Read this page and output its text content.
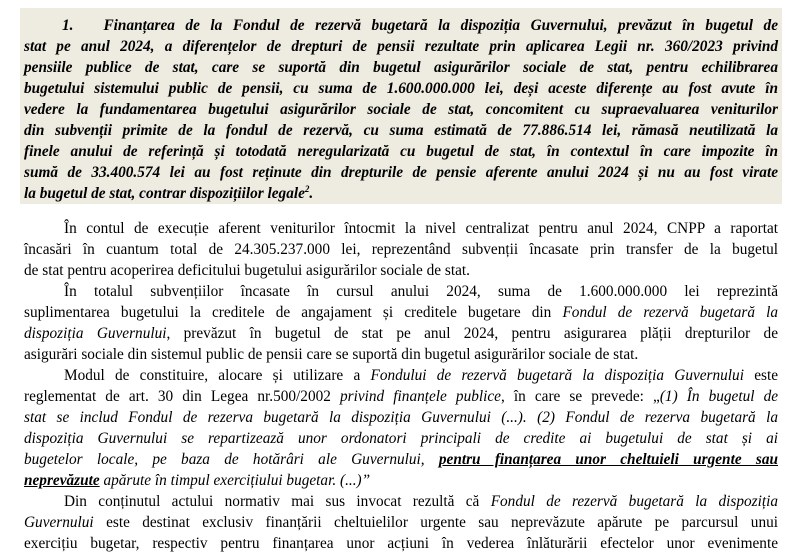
1. Finanțarea de la Fondul de rezervă bugetară la dispoziția Guvernului, prevăzut în bugetul de
stat pe anul 2024, a diferențelor de drepturi de pensii rezultate prin aplicarea Legii nr. 360/2023 privind
pensiile publice de stat, care se suportă din bugetul asigurărilor sociale de stat, pentru echilibrarea
bugetului sistemului public de pensii, cu suma de 1.600.000.000 lei, deși aceste diferențe au fost avute în
vedere la fundamentarea bugetului asigurărilor sociale de stat, concomitent cu supraevaluarea veniturilor
din subvenții primite de la fondul de rezervă, cu suma estimată de 77.886.514 lei, rămasă neutilizată la
finele anului de referință și totodată neregularizată cu bugetul de stat, în contextul în care impozite în
sumă de 33.400.574 lei au fost reținute din drepturile de pensie aferente anului 2024 și nu au fost virate
la bugetul de stat, contrar dispozițiilor legale$^2$.
În contul de execuție aferent veniturilor întocmit la nivel centralizat pentru anul 2024, CNPP a raportat
încasări în cuantum total de 24.305.237.000 lei, reprezentând subvenții încasate prin transfer de la bugetul
de stat pentru acoperirea deficitului bugetului asigurărilor sociale de stat.
În totalul subvențiilor încasate în cursul anului 2024, suma de 1.600.000.000 lei reprezintă
suplimentarea bugetului la creditele de angajament și creditele bugetare din Fondul de rezervă bugetară la
dispoziția Guvernului, prevăzut în bugetul de stat pe anul 2024, pentru asigurarea plății drepturilor de
asigurări sociale din sistemul public de pensii care se suportă din bugetul asigurărilor sociale de stat.
Modul de constituire, alocare și utilizare a Fondului de rezervă bugetară la dispoziția Guvernului este
reglementat de art. 30 din Legea nr.500/2002 privind finanțele publice, în care se prevede: „(1) În bugetul de
stat se includ Fondul de rezerva bugetară la dispoziția Guvernului (...). (2) Fondul de rezerva bugetară la
dispoziția Guvernului se repartizează unor ordonatori principali de credite ai bugetului de stat și ai
bugetelor locale, pe baza de hotărâri ale Guvernului, pentru finanțarea unor cheltuieli urgente sau
neprevăzute apărute în timpul exercițiului bugetar. (...)”
Din conținutul actului normativ mai sus invocat rezultă că Fondul de rezervă bugetară la dispoziția
Guvernului este destinat exclusiv finanțării cheltuielilor urgente sau neprevăzute apărute pe parcursul unui
exercițiu bugetar, respectiv pentru finanțarea unor acțiuni în vederea înlăturării efectelor unor evenimente
